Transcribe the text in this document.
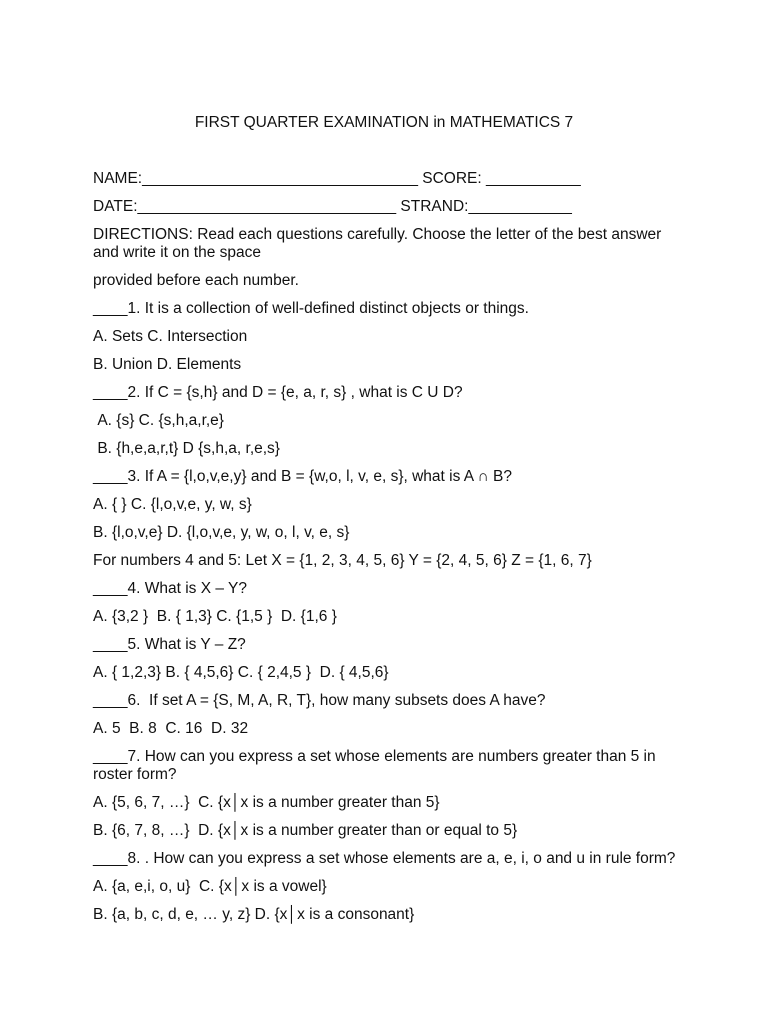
FIRST QUARTER EXAMINATION in MATHEMATICS 7
NAME:________________________________ SCORE: ___________
DATE:______________________________ STRAND:____________
DIRECTIONS: Read each questions carefully. Choose the letter of the best answer and write it on the space
provided before each number.
____1. It is a collection of well-defined distinct objects or things.
A. Sets C. Intersection
B. Union D. Elements
____2. If C = {s,h} and D = {e, a, r, s} , what is C U D?
A. {s} C. {s,h,a,r,e}
B. {h,e,a,r,t} D {s,h,a, r,e,s}
____3. If A = {l,o,v,e,y} and B = {w,o, l, v, e, s}, what is A ∩ B?
A. { } C. {l,o,v,e, y, w, s}
B. {l,o,v,e} D. {l,o,v,e, y, w, o, l, v, e, s}
For numbers 4 and 5: Let X = {1, 2, 3, 4, 5, 6} Y = {2, 4, 5, 6} Z = {1, 6, 7}
____4. What is X – Y?
A. {3,2 }  B. { 1,3} C. {1,5 }  D. {1,6 }
____5. What is Y – Z?
A. { 1,2,3} B. { 4,5,6} C. { 2,4,5 }  D. { 4,5,6}
____6.  If set A = {S, M, A, R, T}, how many subsets does A have?
A. 5  B. 8  C. 16  D. 32
____7. How can you express a set whose elements are numbers greater than 5 in roster form?
A. {5, 6, 7, …}  C. {x│x is a number greater than 5}
B. {6, 7, 8, …}  D. {x│x is a number greater than or equal to 5}
____8. . How can you express a set whose elements are a, e, i, o and u in rule form?
A. {a, e,i, o, u}  C. {x│x is a vowel}
B. {a, b, c, d, e, … y, z} D. {x│x is a consonant}
